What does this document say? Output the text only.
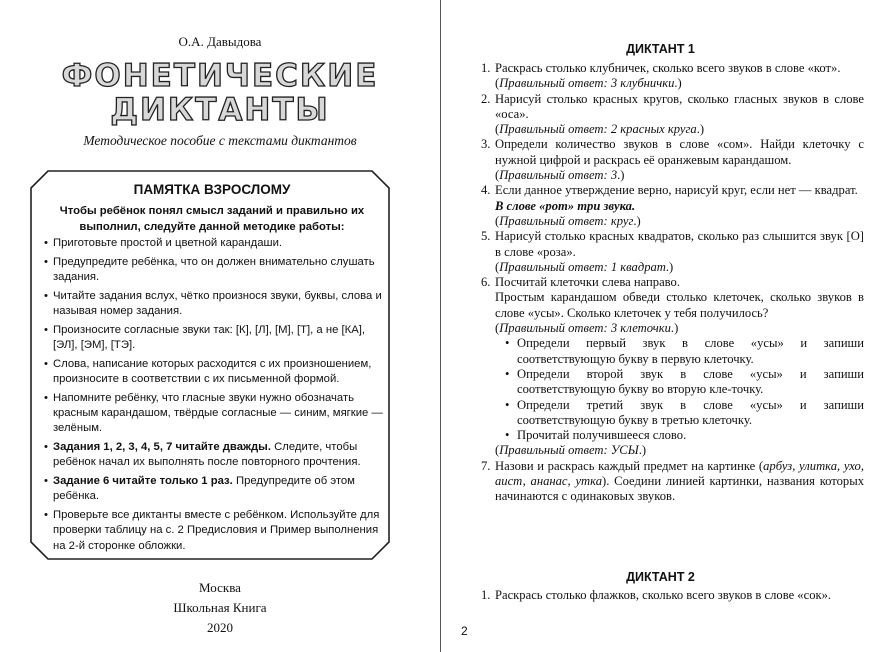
О.А. Давыдова
ФОНЕТИЧЕСКИЕ
ДИКТАНТЫ
Методическое пособие с текстами диктантов
ПАМЯТКА ВЗРОСЛОМУ
Чтобы ребёнок понял смысл заданий и правильно их выполнил, следуйте данной методике работы:
• Приготовьте простой и цветной карандаши.
• Предупредите ребёнка, что он должен внимательно слушать задания.
• Читайте задания вслух, чётко произнося звуки, буквы, слова и называя номер задания.
• Произносите согласные звуки так: [К], [Л], [М], [Т], а не [КА], [ЭЛ], [ЭМ], [ТЭ].
• Слова, написание которых расходится с их произношением, произносите в соответствии с их письменной формой.
• Напомните ребёнку, что гласные звуки нужно обозначать красным карандашом, твёрдые согласные — синим, мягкие — зелёным.
• Задания 1, 2, 3, 4, 5, 7 читайте дважды. Следите, чтобы ребёнок начал их выполнять после повторного прочтения.
• Задание 6 читайте только 1 раз. Предупредите об этом ребёнка.
• Проверьте все диктанты вместе с ребёнком. Используйте для проверки таблицу на с. 2 Предисловия и Пример выполнения на 2-й сторонке обложки.
Москва
Школьная Книга
2020
ДИКТАНТ 1
1. Раскрась столько клубничек, сколько всего звуков в слове «кот».
(Правильный ответ: 3 клубнички.)
2. Нарисуй столько красных кругов, сколько гласных звуков в слове «оса».
(Правильный ответ: 2 красных круга.)
3. Определи количество звуков в слове «сом». Найди клеточку с нужной цифрой и раскрась её оранжевым карандашом.
(Правильный ответ: 3.)
4. Если данное утверждение верно, нарисуй круг, если нет — квадрат.
В слове «рот» три звука.
(Правильный ответ: круг.)
5. Нарисуй столько красных квадратов, сколько раз слышится звук [О] в слове «роза».
(Правильный ответ: 1 квадрат.)
6. Посчитай клеточки слева направо.
Простым карандашом обведи столько клеточек, сколько звуков в слове «усы». Сколько клеточек у тебя получилось?
(Правильный ответ: 3 клеточки.)
• Определи первый звук в слове «усы» и запиши соответствующую букву в первую клеточку.
• Определи второй звук в слове «усы» и запиши соответствующую букву во вторую кле-точку.
• Определи третий звук в слове «усы» и запиши соответствующую букву в третью клеточку.
• Прочитай получившееся слово.
(Правильный ответ: УСЫ.)
7. Назови и раскрась каждый предмет на картинке (арбуз, улитка, ухо, аист, ананас, утка). Соедини линией картинки, названия которых начинаются с одинаковых звуков.
ДИКТАНТ 2
1. Раскрась столько флажков, сколько всего звуков в слове «сок».
2
